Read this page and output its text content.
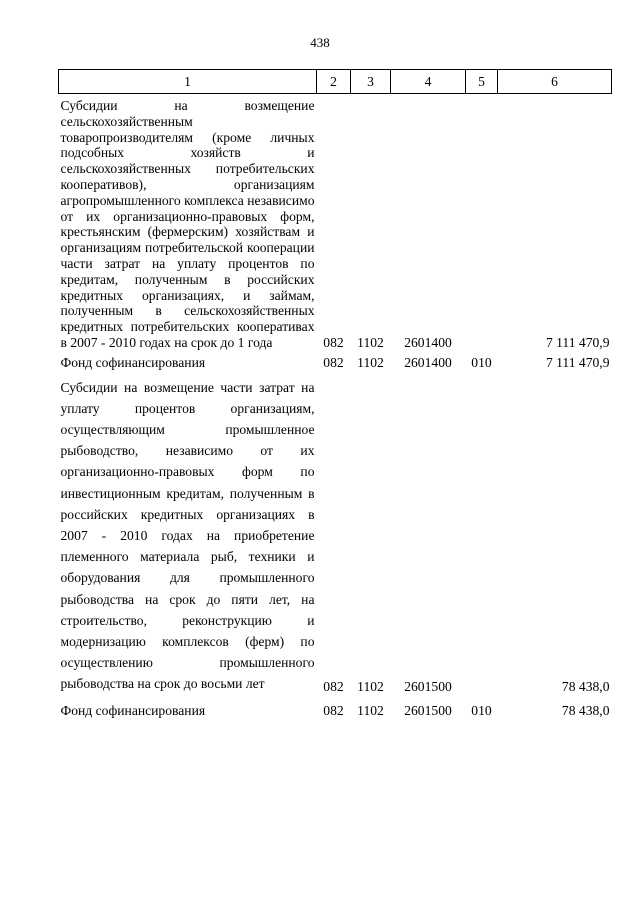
438
1	2	3	4	5	6
Субсидии на возмещение сельскохозяйственным товаропроизводителям (кроме личных подсобных хозяйств и сельскохозяйственных потребительских кооперативов), организациям агропромышленного комплекса независимо от их организационно-правовых форм, крестьянским (фермерским) хозяйствам и организациям потребительской кооперации части затрат на уплату процентов по кредитам, полученным в российских кредитных организациях, и займам, полученным в сельскохозяйственных кредитных потребительских кооперативах в 2007 - 2010 годах на срок до 1 года	082	1102	2601400		7 111 470,9
Фонд софинансирования	082	1102	2601400	010	7 111 470,9
Субсидии на возмещение части затрат на уплату процентов организациям, осуществляющим промышленное рыбоводство, независимо от их организационно-правовых форм по инвестиционным кредитам, полученным в российских кредитных организациях в 2007 - 2010 годах на приобретение племенного материала рыб, техники и оборудования для промышленного рыбоводства на срок до пяти лет, на строительство, реконструкцию и модернизацию комплексов (ферм) по осуществлению промышленного рыбоводства на срок до восьми лет	082	1102	2601500		78 438,0
Фонд софинансирования	082	1102	2601500	010	78 438,0
